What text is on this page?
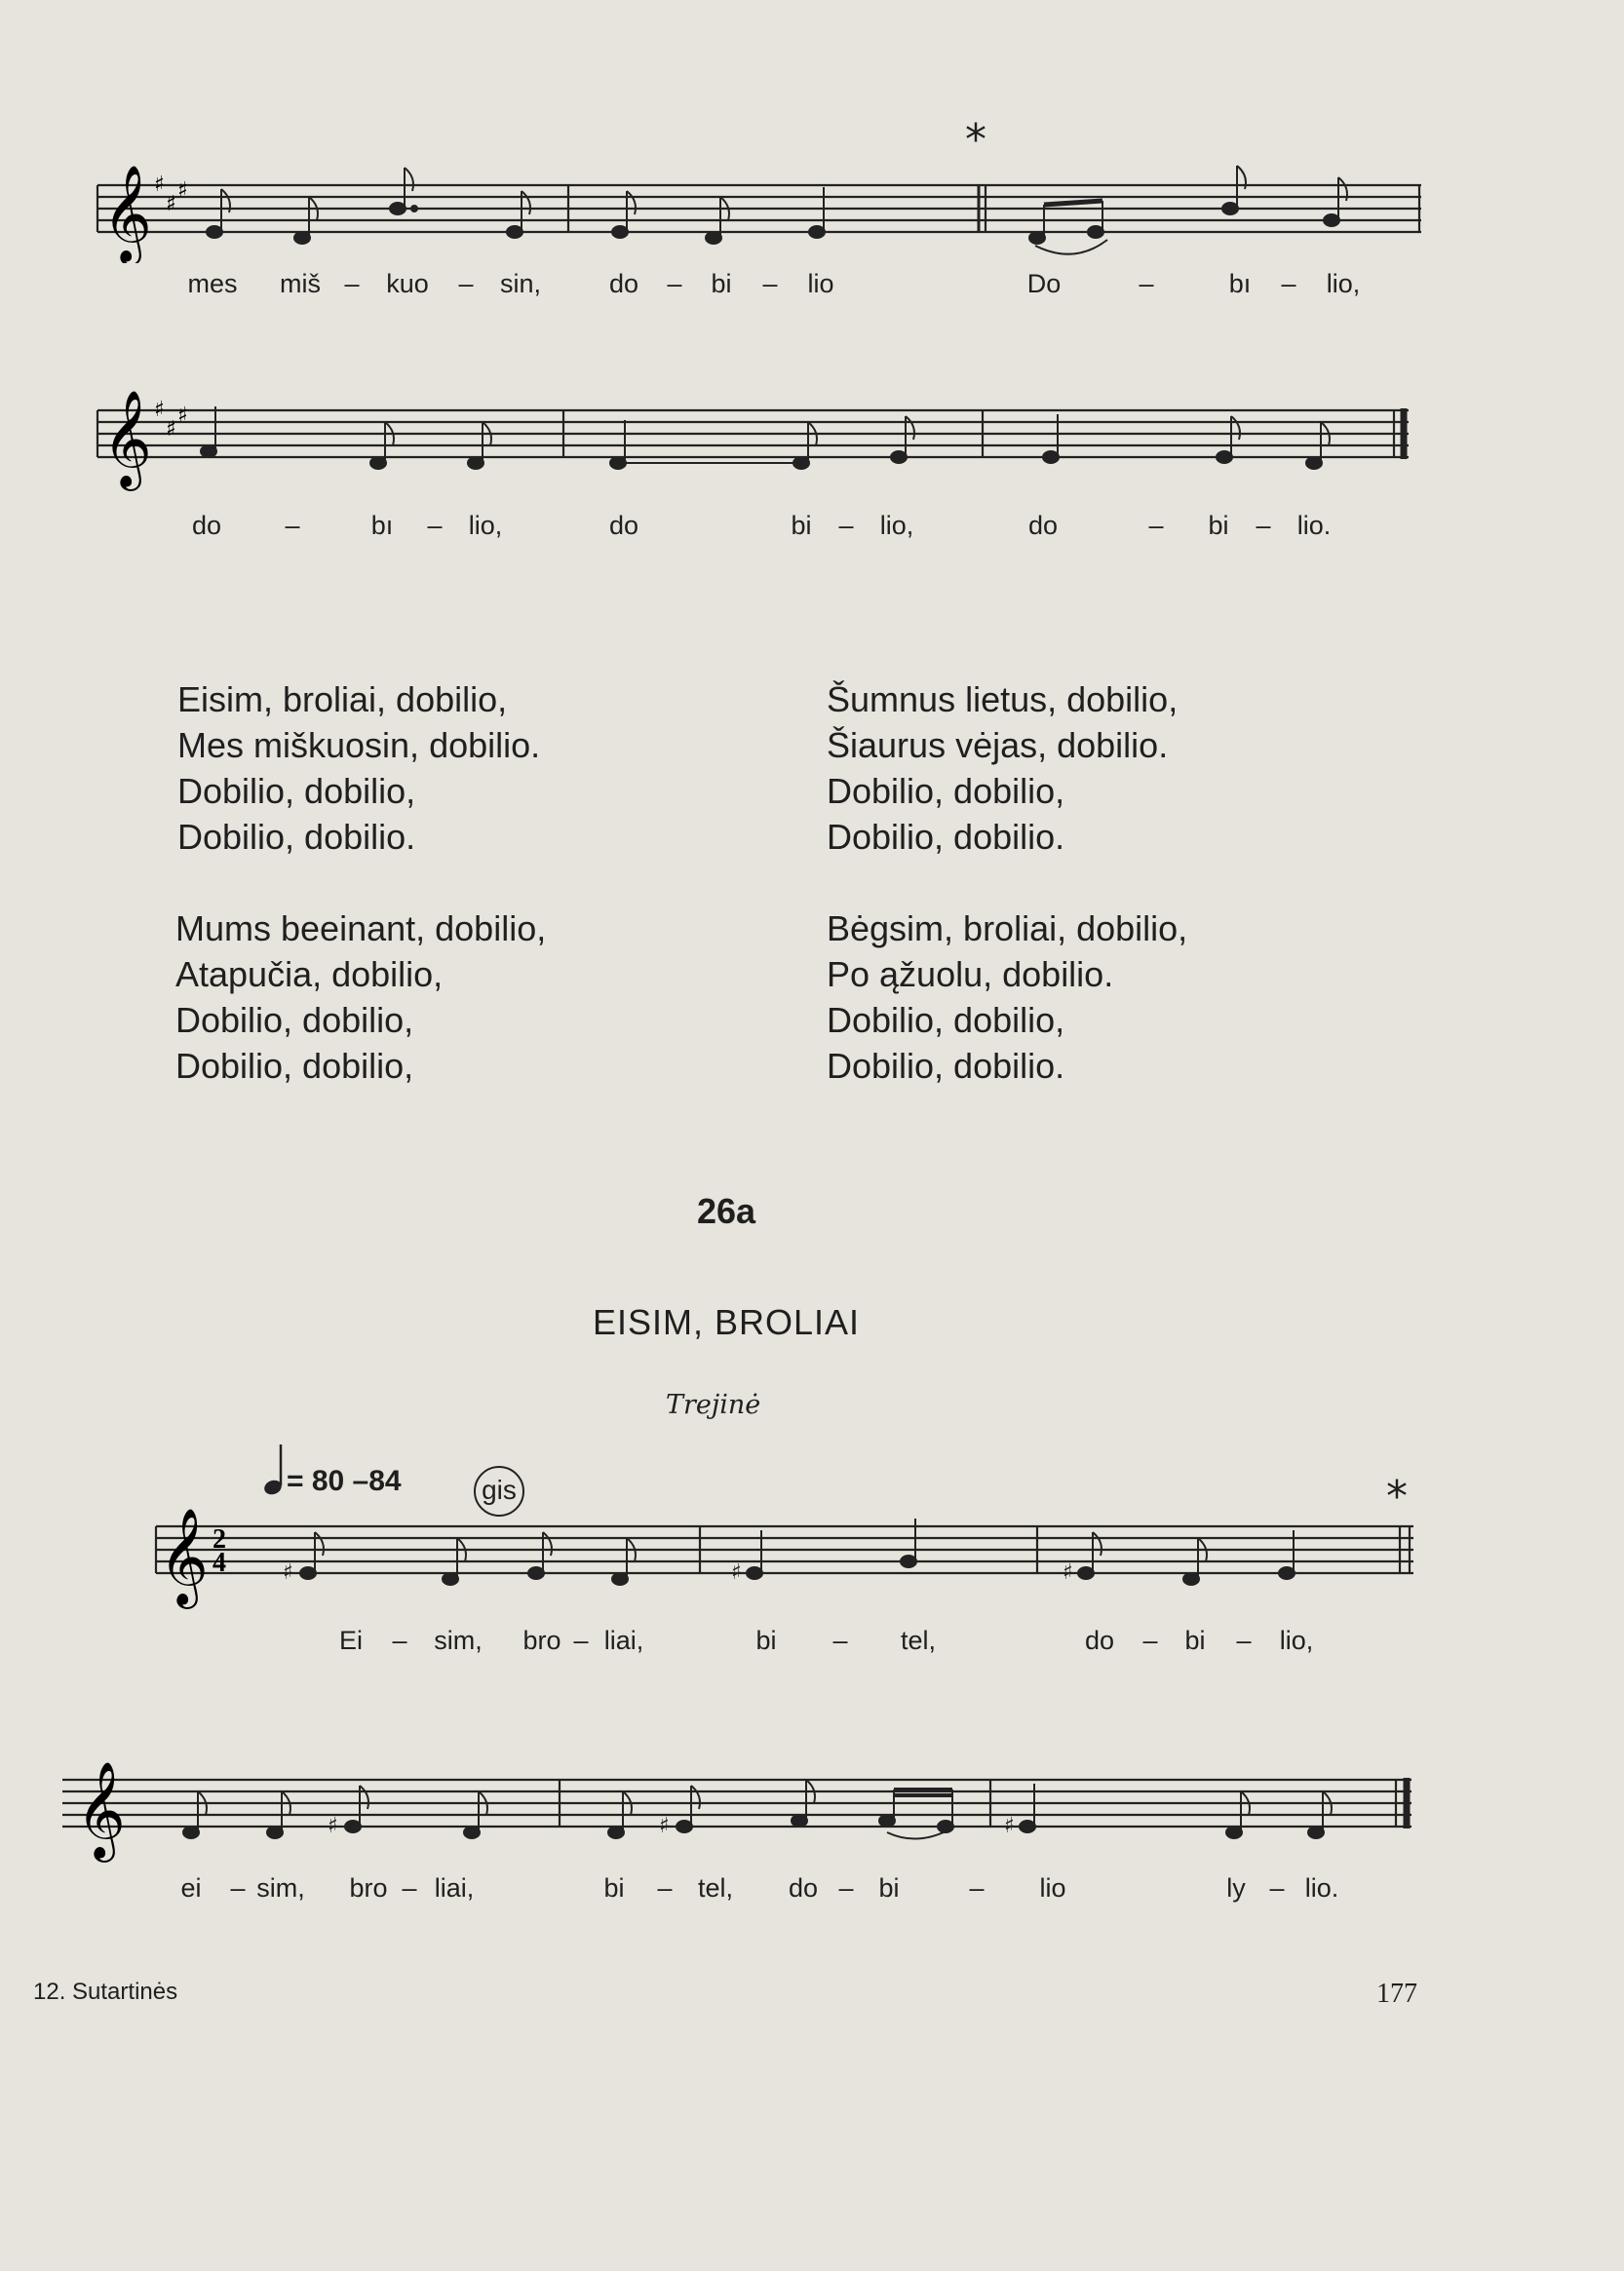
𝄞 ♯
♯
♯
*
mes miš – kuo – sin,	do – bi – lio	Do	–	bı – lio,
𝄞 ♯
♯
♯
do –	bı – lio,	do	bi – lio,	do	– bi – lio.
Eisim, broliai, dobilio,
Mes miškuosin, dobilio.
Dobilio, dobilio,
Dobilio, dobilio.
Mums beeinant, dobilio,
Atapučia, dobilio,
Dobilio, dobilio,
Dobilio, dobilio,
Šumnus lietus, dobilio,
Šiaurus vėjas, dobilio.
Dobilio, dobilio,
Dobilio, dobilio.
Bėgsim, broliai, dobilio,
Po ąžuolu, dobilio.
Dobilio, dobilio,
Dobilio, dobilio.
26a
EISIM, BROLIAI
Trejinė
= 80 –84	gis
𝄞 2
4	♯	♯	♯
*
Ei – sim, bro – liai,	bi – tel,	do – bi – lio,
𝄞	♯	♯	♯
ei – sim, bro – liai,	bi – tel, do – bi	– lio	ly – lio.
12. Sutartinės	177
